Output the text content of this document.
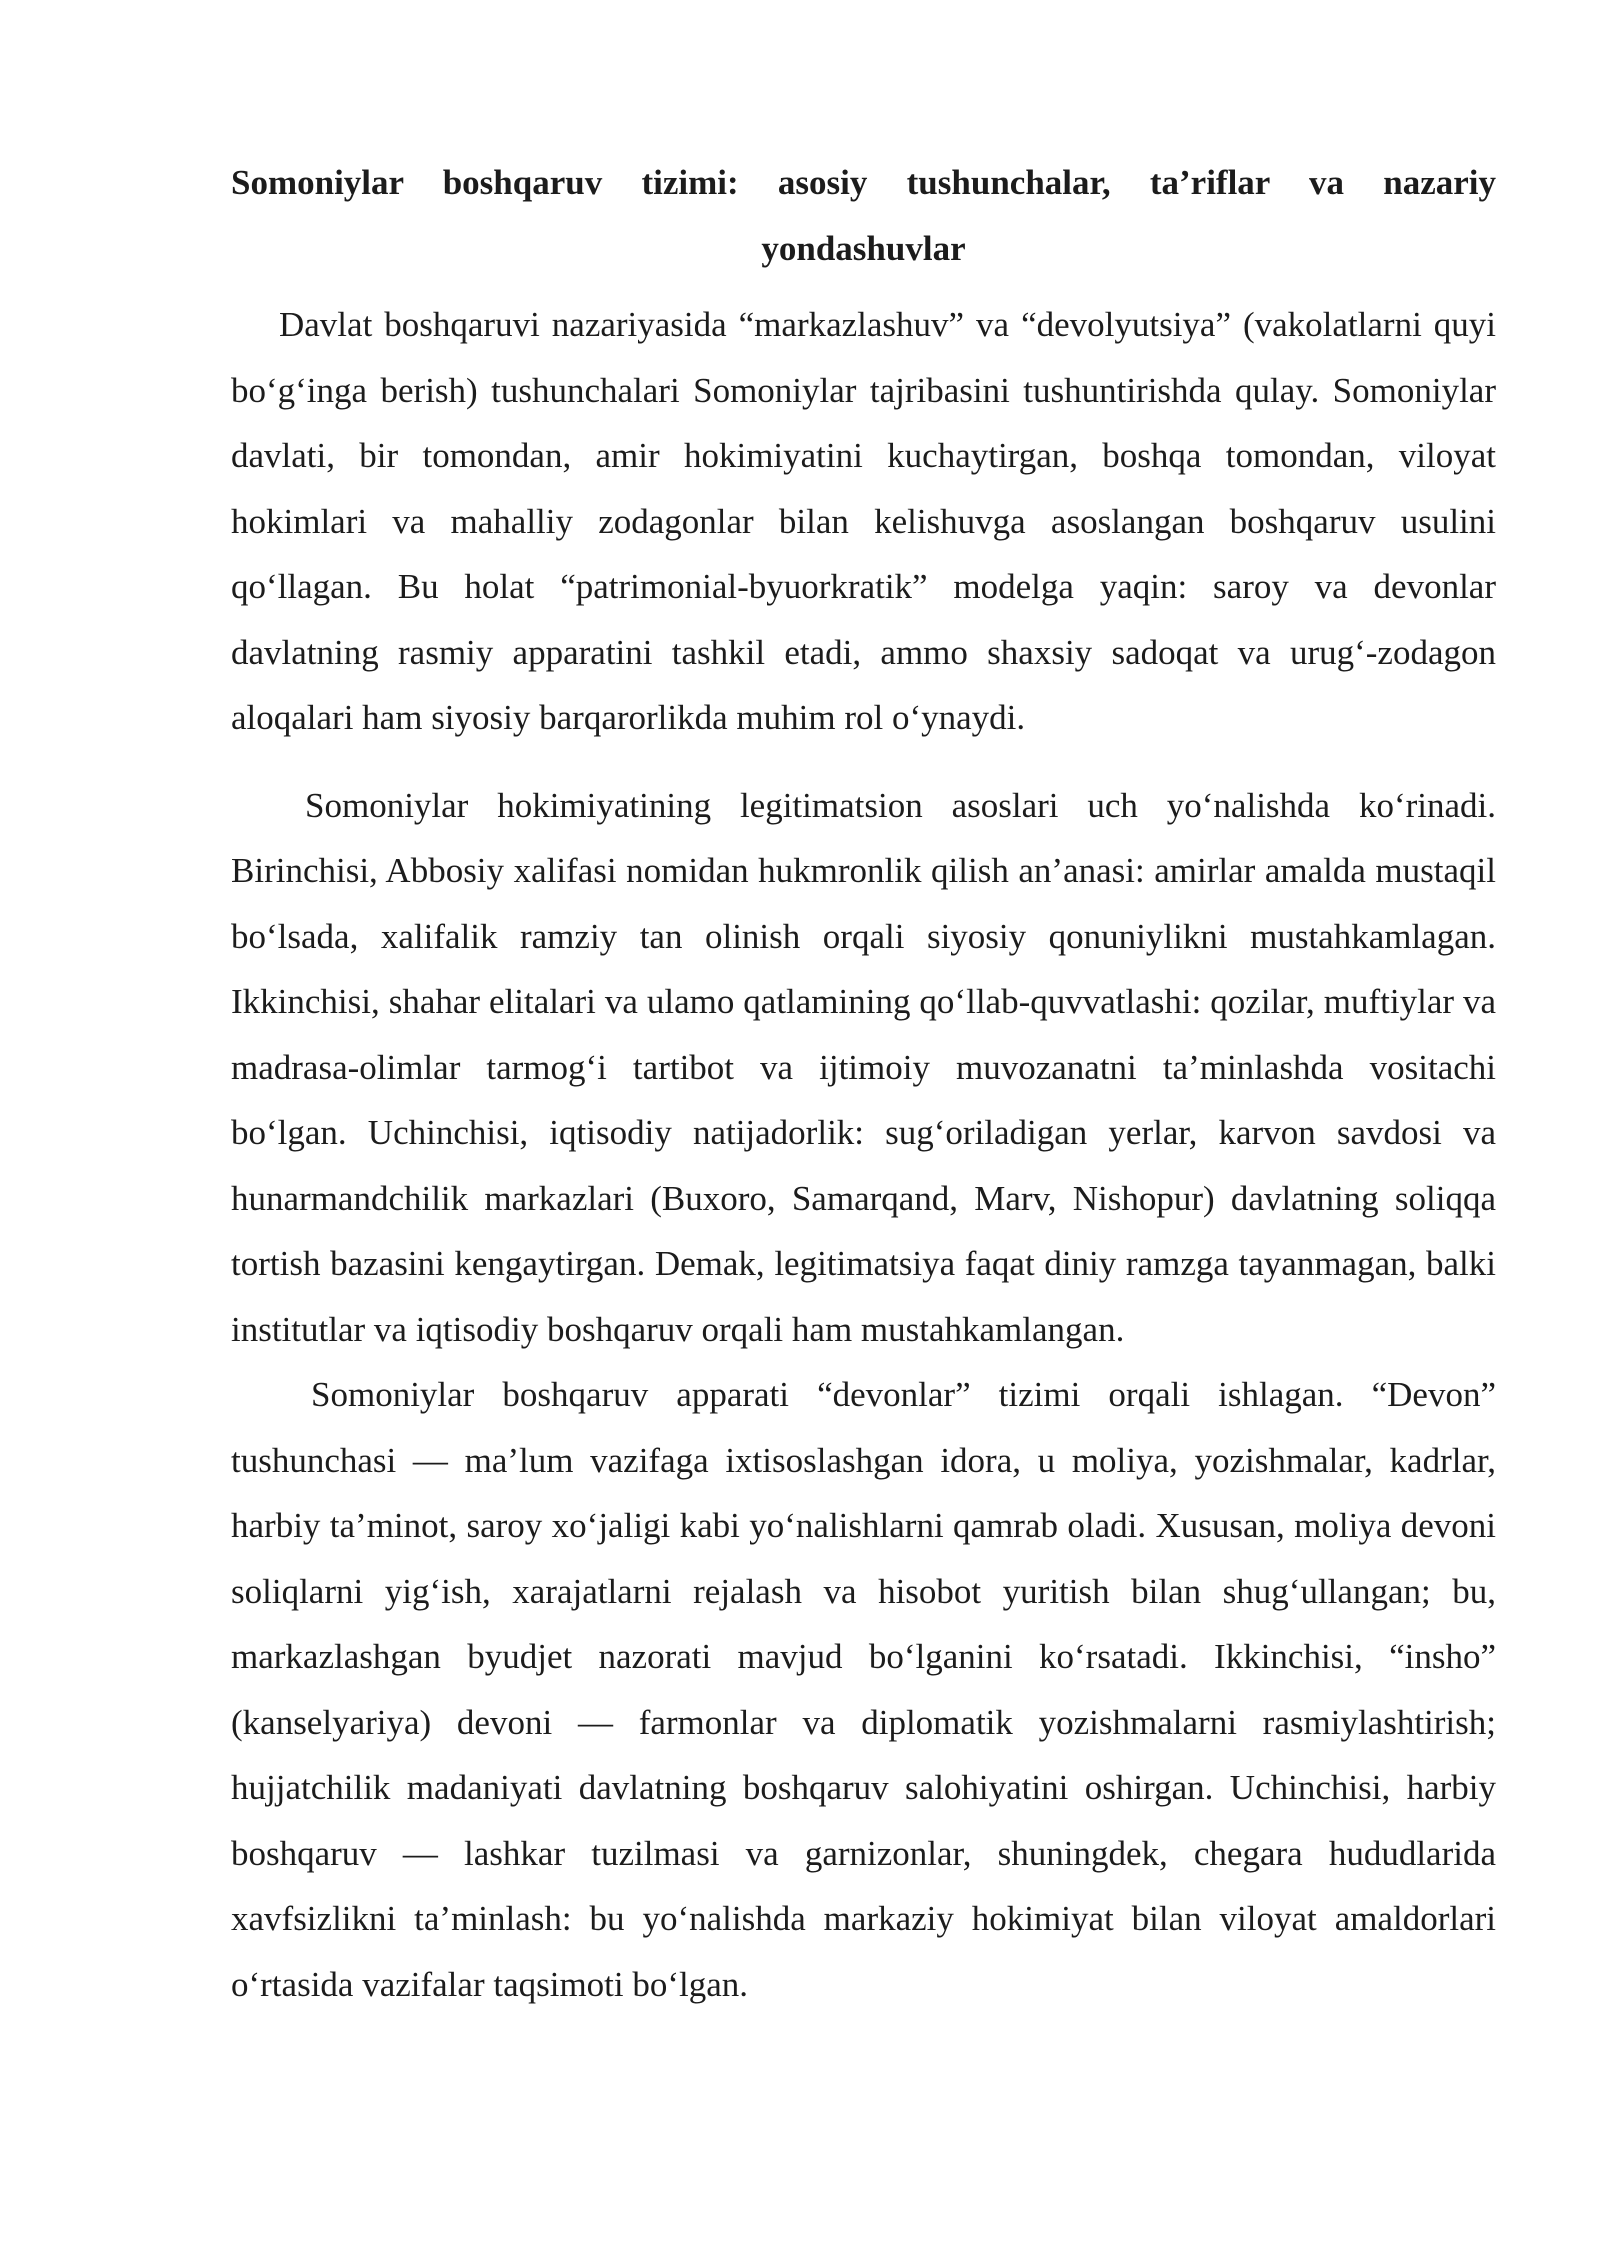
Somoniylar boshqaruv tizimi: asosiy tushunchalar, ta’riflar va nazariy
yondashuvlar

Davlat boshqaruvi nazariyasida “markazlashuv” va “devolyutsiya” (vakolatlarni quyi bo‘g‘inga berish) tushunchalari Somoniylar tajribasini tushuntirishda qulay. Somoniylar davlati, bir tomondan, amir hokimiyatini kuchaytirgan, boshqa tomondan, viloyat hokimlari va mahalliy zodagonlar bilan kelishuvga asoslangan boshqaruv usulini qo‘llagan. Bu holat “patrimonial-byuorkratik” modelga yaqin: saroy va devonlar davlatning rasmiy apparatini tashkil etadi, ammo shaxsiy sadoqat va urug‘-zodagon aloqalari ham siyosiy barqarorlikda muhim rol o‘ynaydi.

Somoniylar hokimiyatining legitimatsion asoslari uch yo‘nalishda ko‘rinadi. Birinchisi, Abbosiy xalifasi nomidan hukmronlik qilish an’anasi: amirlar amalda mustaqil bo‘lsada, xalifalik ramziy tan olinish orqali siyosiy qonuniylikni mustahkamlagan. Ikkinchisi, shahar elitalari va ulamo qatlamining qo‘llab-quvvatlashi: qozilar, muftiylar va madrasa-olimlar tarmog‘i tartibot va ijtimoiy muvozanatni ta’minlashda vositachi bo‘lgan. Uchinchisi, iqtisodiy natijadorlik: sug‘oriladigan yerlar, karvon savdosi va hunarmandchilik markazlari (Buxoro, Samarqand, Marv, Nishopur) davlatning soliqqa tortish bazasini kengaytirgan. Demak, legitimatsiya faqat diniy ramzga tayanmagan, balki institutlar va iqtisodiy boshqaruv orqali ham mustahkamlangan.

Somoniylar boshqaruv apparati “devonlar” tizimi orqali ishlagan. “Devon” tushunchasi — ma’lum vazifaga ixtisoslashgan idora, u moliya, yozishmalar, kadrlar, harbiy ta’minot, saroy xo‘jaligi kabi yo‘nalishlarni qamrab oladi. Xususan, moliya devoni soliqlarni yig‘ish, xarajatlarni rejalash va hisobot yuritish bilan shug‘ullangan; bu, markazlashgan byudjet nazorati mavjud bo‘lganini ko‘rsatadi. Ikkinchisi, “insho” (kanselyariya) devoni — farmonlar va diplomatik yozishmalarni rasmiylashtirish; hujjatchilik madaniyati davlatning boshqaruv salohiyatini oshirgan. Uchinchisi, harbiy boshqaruv — lashkar tuzilmasi va garnizonlar, shuningdek, chegara hududlarida xavfsizlikni ta’minlash: bu yo‘nalishda markaziy hokimiyat bilan viloyat amaldorlari o‘rtasida vazifalar taqsimoti bo‘lgan.
